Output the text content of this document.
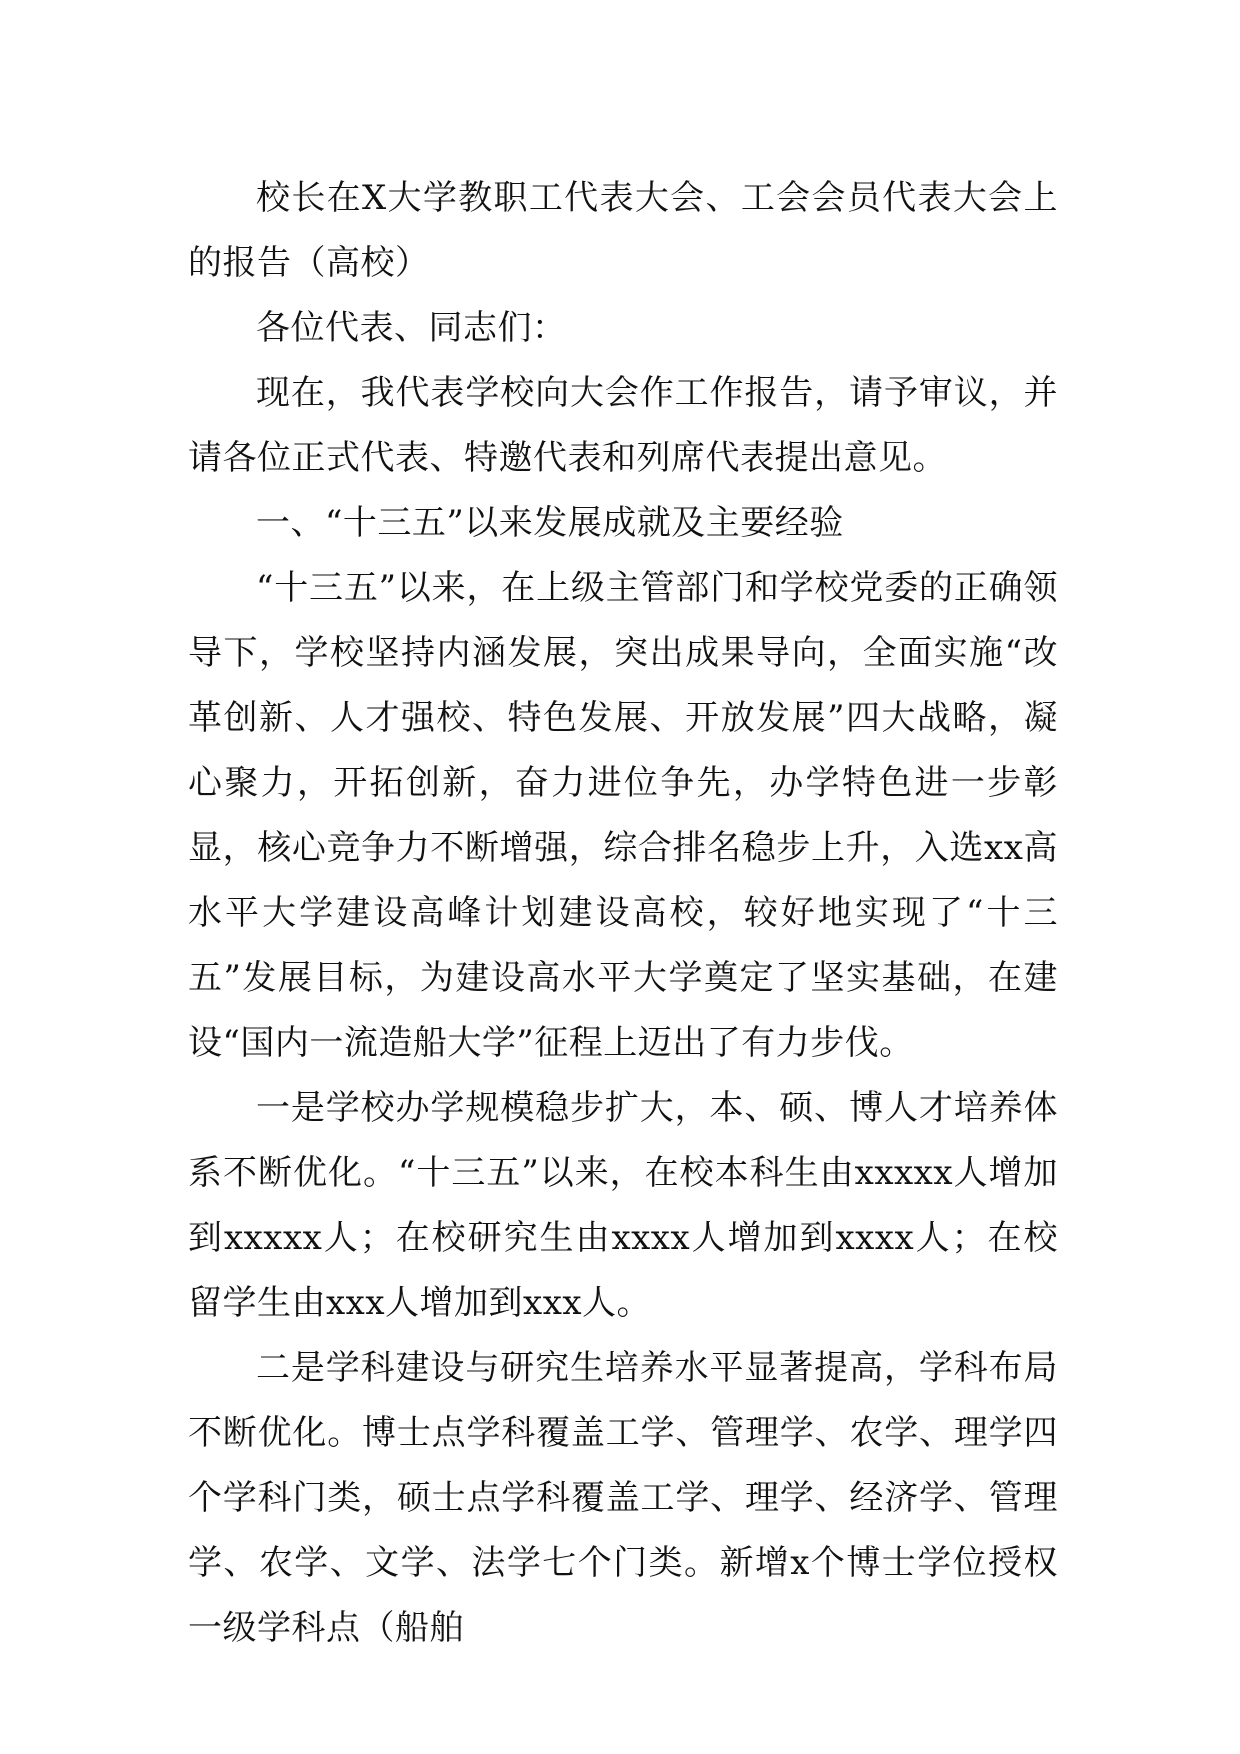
校长在X大学教职工代表大会、工会会员代表大会上的报告（高校）

各位代表、同志们：

现在，我代表学校向大会作工作报告，请予审议，并请各位正式代表、特邀代表和列席代表提出意见。

一、“十三五”以来发展成就及主要经验

“十三五”以来，在上级主管部门和学校党委的正确领导下，学校坚持内涵发展，突出成果导向，全面实施“改革创新、人才强校、特色发展、开放发展”四大战略，凝心聚力，开拓创新，奋力进位争先，办学特色进一步彰显，核心竞争力不断增强，综合排名稳步上升，入选xx高水平大学建设高峰计划建设高校，较好地实现了“十三五”发展目标，为建设高水平大学奠定了坚实基础，在建设“国内一流造船大学”征程上迈出了有力步伐。

一是学校办学规模稳步扩大，本、硕、博人才培养体系不断优化。“十三五”以来，在校本科生由xxxxx人增加到xxxxx人；在校研究生由xxxx人增加到xxxx人；在校留学生由xxx人增加到xxx人。

二是学科建设与研究生培养水平显著提高，学科布局不断优化。博士点学科覆盖工学、管理学、农学、理学四个学科门类，硕士点学科覆盖工学、理学、经济学、管理学、农学、文学、法学七个门类。新增x个博士学位授权一级学科点（船舶
